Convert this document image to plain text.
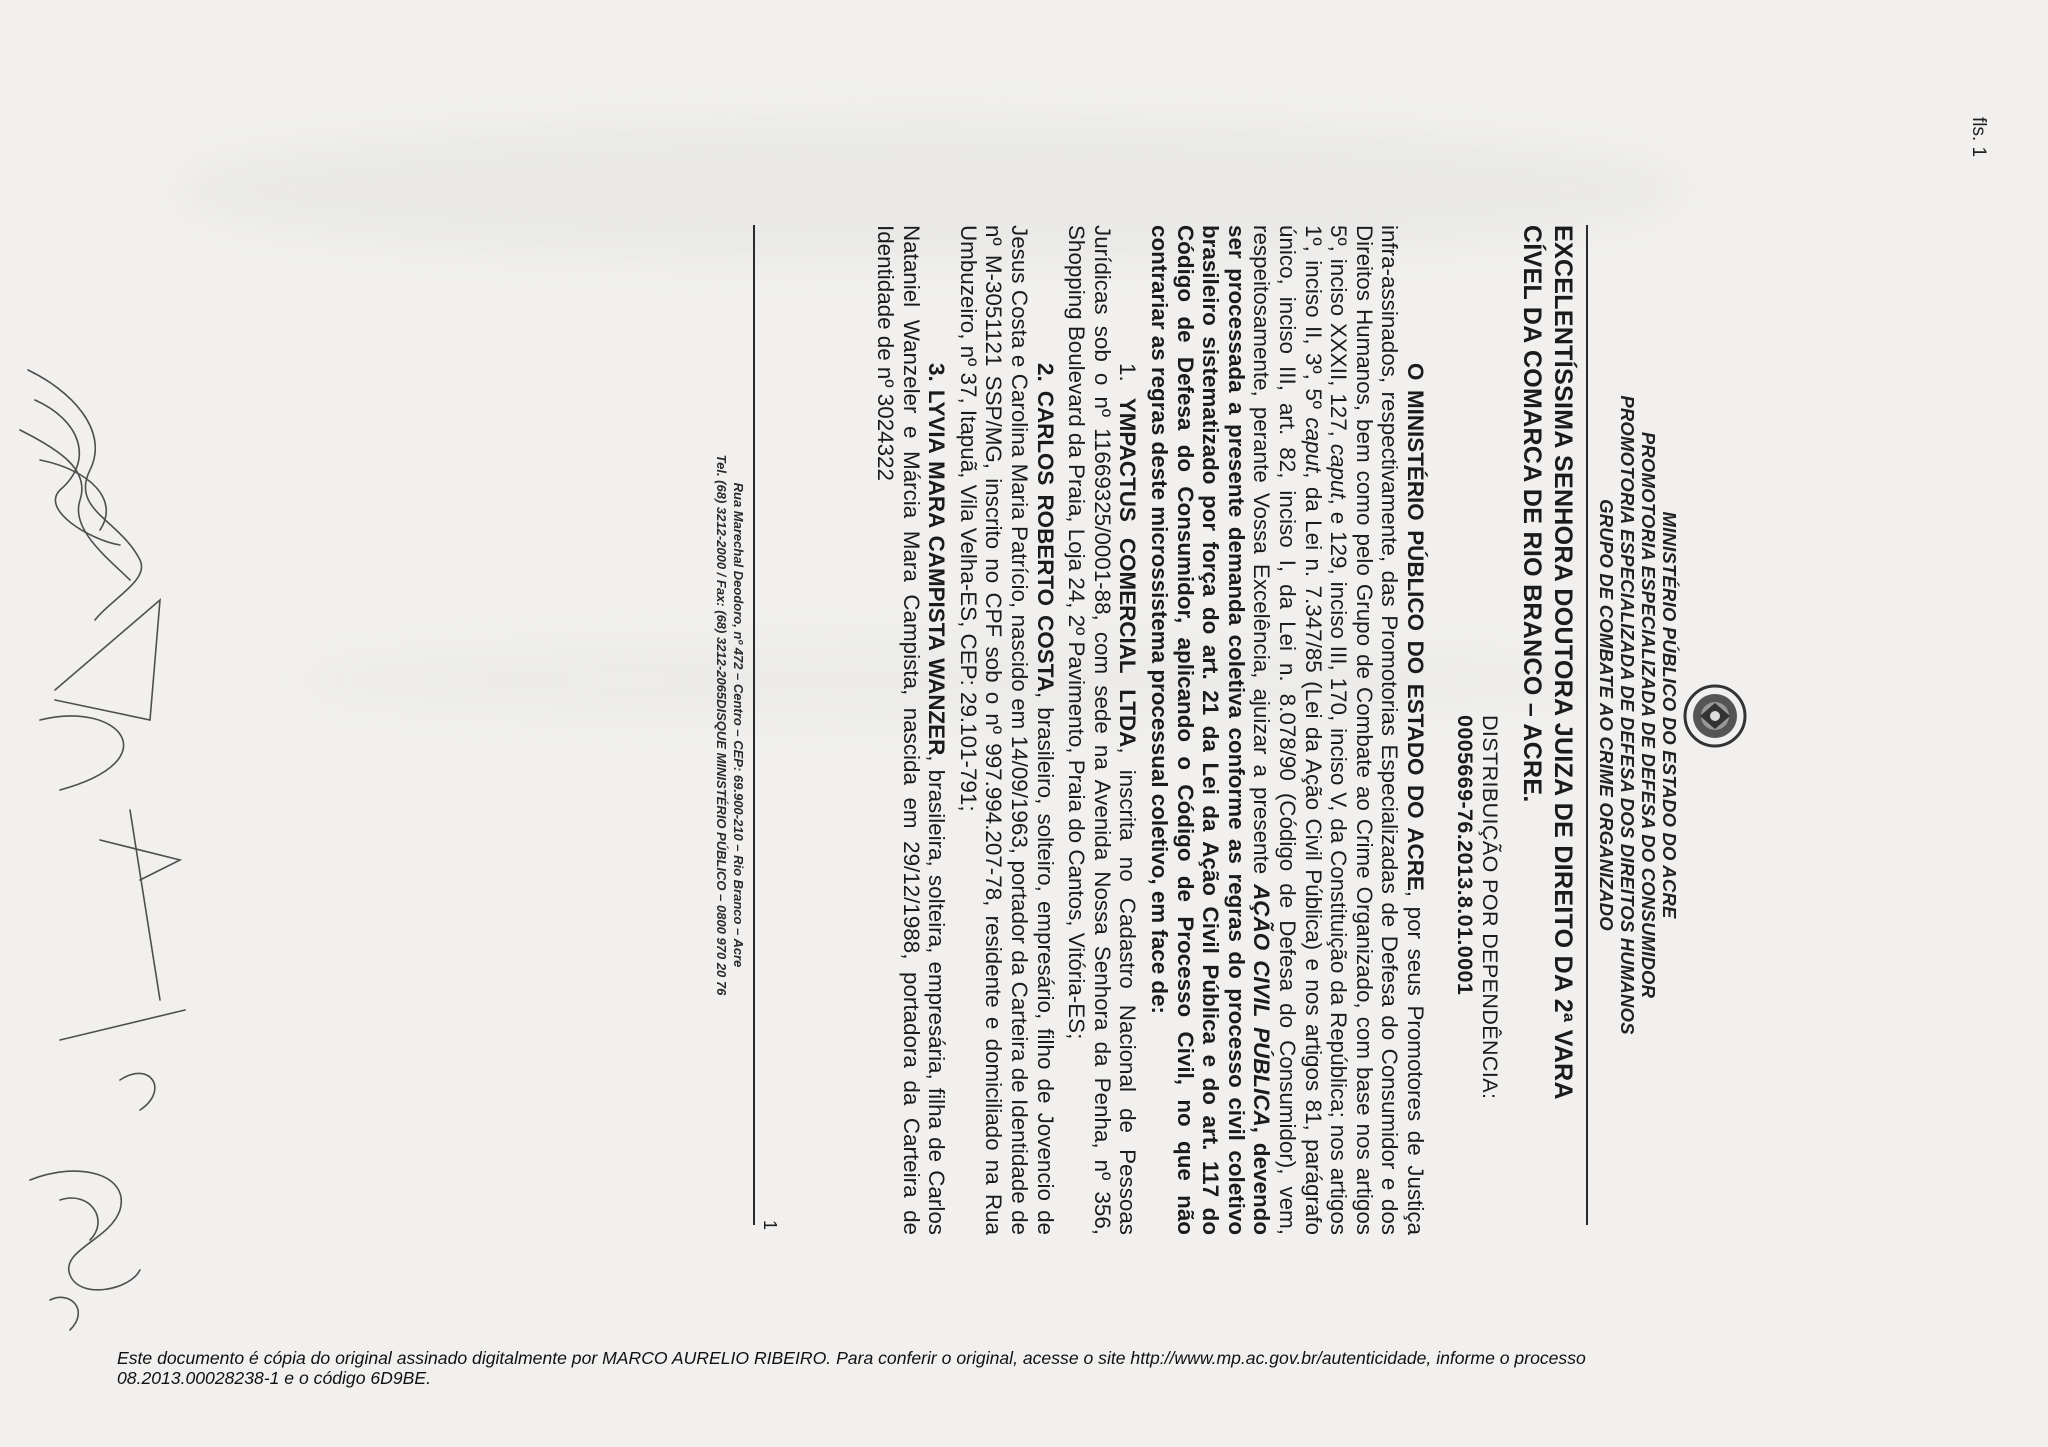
fls. 1
MINISTÉRIO PÚBLICO DO ESTADO DO ACRE
PROMOTORIA ESPECIALIZADA DE DEFESA DO CONSUMIDOR
PROMOTORIA ESPECIALIZADA DE DEFESA DOS DIREITOS HUMANOS
GRUPO DE COMBATE AO CRIME ORGANIZADO
EXCELENTÍSSIMA SENHORA DOUTORA JUIZA DE DIREITO DA 2ª VARA
CÍVEL DA COMARCA DE RIO BRANCO – ACRE.
DISTRIBUIÇÃO POR DEPENDÊNCIA:
0005669-76.2013.8.01.0001

O MINISTÉRIO PÚBLICO DO ESTADO DO ACRE, por seus Promotores de Justiça infra-assinados, respectivamente, das Promotorias Especializadas de Defesa do Consumidor e dos Direitos Humanos, bem como pelo Grupo de Combate ao Crime Organizado, com base nos artigos 5º, inciso XXXII, 127, caput, e 129, inciso III, 170, inciso V, da Constituição da República; nos artigos 1º, inciso II, 3º, 5º caput, da Lei n. 7.347/85 (Lei da Ação Civil Pública) e nos artigos 81, parágrafo único, inciso III, art. 82, inciso I, da Lei n. 8.078/90 (Código de Defesa do Consumidor), vem, respeitosamente, perante Vossa Excelência, ajuizar a presente AÇÃO CIVIL PÚBLICA, devendo ser processada a presente demanda coletiva conforme as regras do processo civil coletivo brasileiro sistematizado por força do art. 21 da Lei da Ação Civil Pública e do art. 117 do Código de Defesa do Consumidor, aplicando o Código de Processo Civil, no que não contrariar as regras deste microssistema processual coletivo, em face de:

1. YMPACTUS COMERCIAL LTDA, inscrita no Cadastro Nacional de Pessoas Jurídicas sob o nº 11669325/0001-88, com sede na Avenida Nossa Senhora da Penha, nº 356, Shopping Boulevard da Praia, Loja 24, 2º Pavimento, Praia do Cantos, Vitória-ES;

2. CARLOS ROBERTO COSTA, brasileiro, solteiro, empresário, filho de Jovencio de Jesus Costa e Carolina Maria Patrício, nascido em 14/09/1963, portador da Carteira de Identidade de nº M-3051121 SSP/MG, inscrito no CPF sob o nº 997.994.207-78, residente e domiciliado na Rua Umbuzeiro, nº 37, Itapuã, Vila Velha-ES, CEP: 29.101-791;

3. LYVIA MARA CAMPISTA WANZER, brasileira, solteira, empresária, filha de Carlos Nataniel Wanzeler e Márcia Mara Campista, nascida em 29/12/1988, portadora da Carteira de Identidade de nº 3024322

1
Rua Marechal Deodoro, nº 472 – Centro – CEP: 69.900-210 – Rio Branco – Acre
Tel. (68) 3212-2000 / Fax: (68) 3212-2065DISQUE MINISTÉRIO PÚBLICO – 0800 970 20 76
Este documento é cópia do original assinado digitalmente por MARCO AURELIO RIBEIRO. Para conferir o original, acesse o site http://www.mp.ac.gov.br/autenticidade, informe o processo
08.2013.00028238-1 e o código 6D9BE.
